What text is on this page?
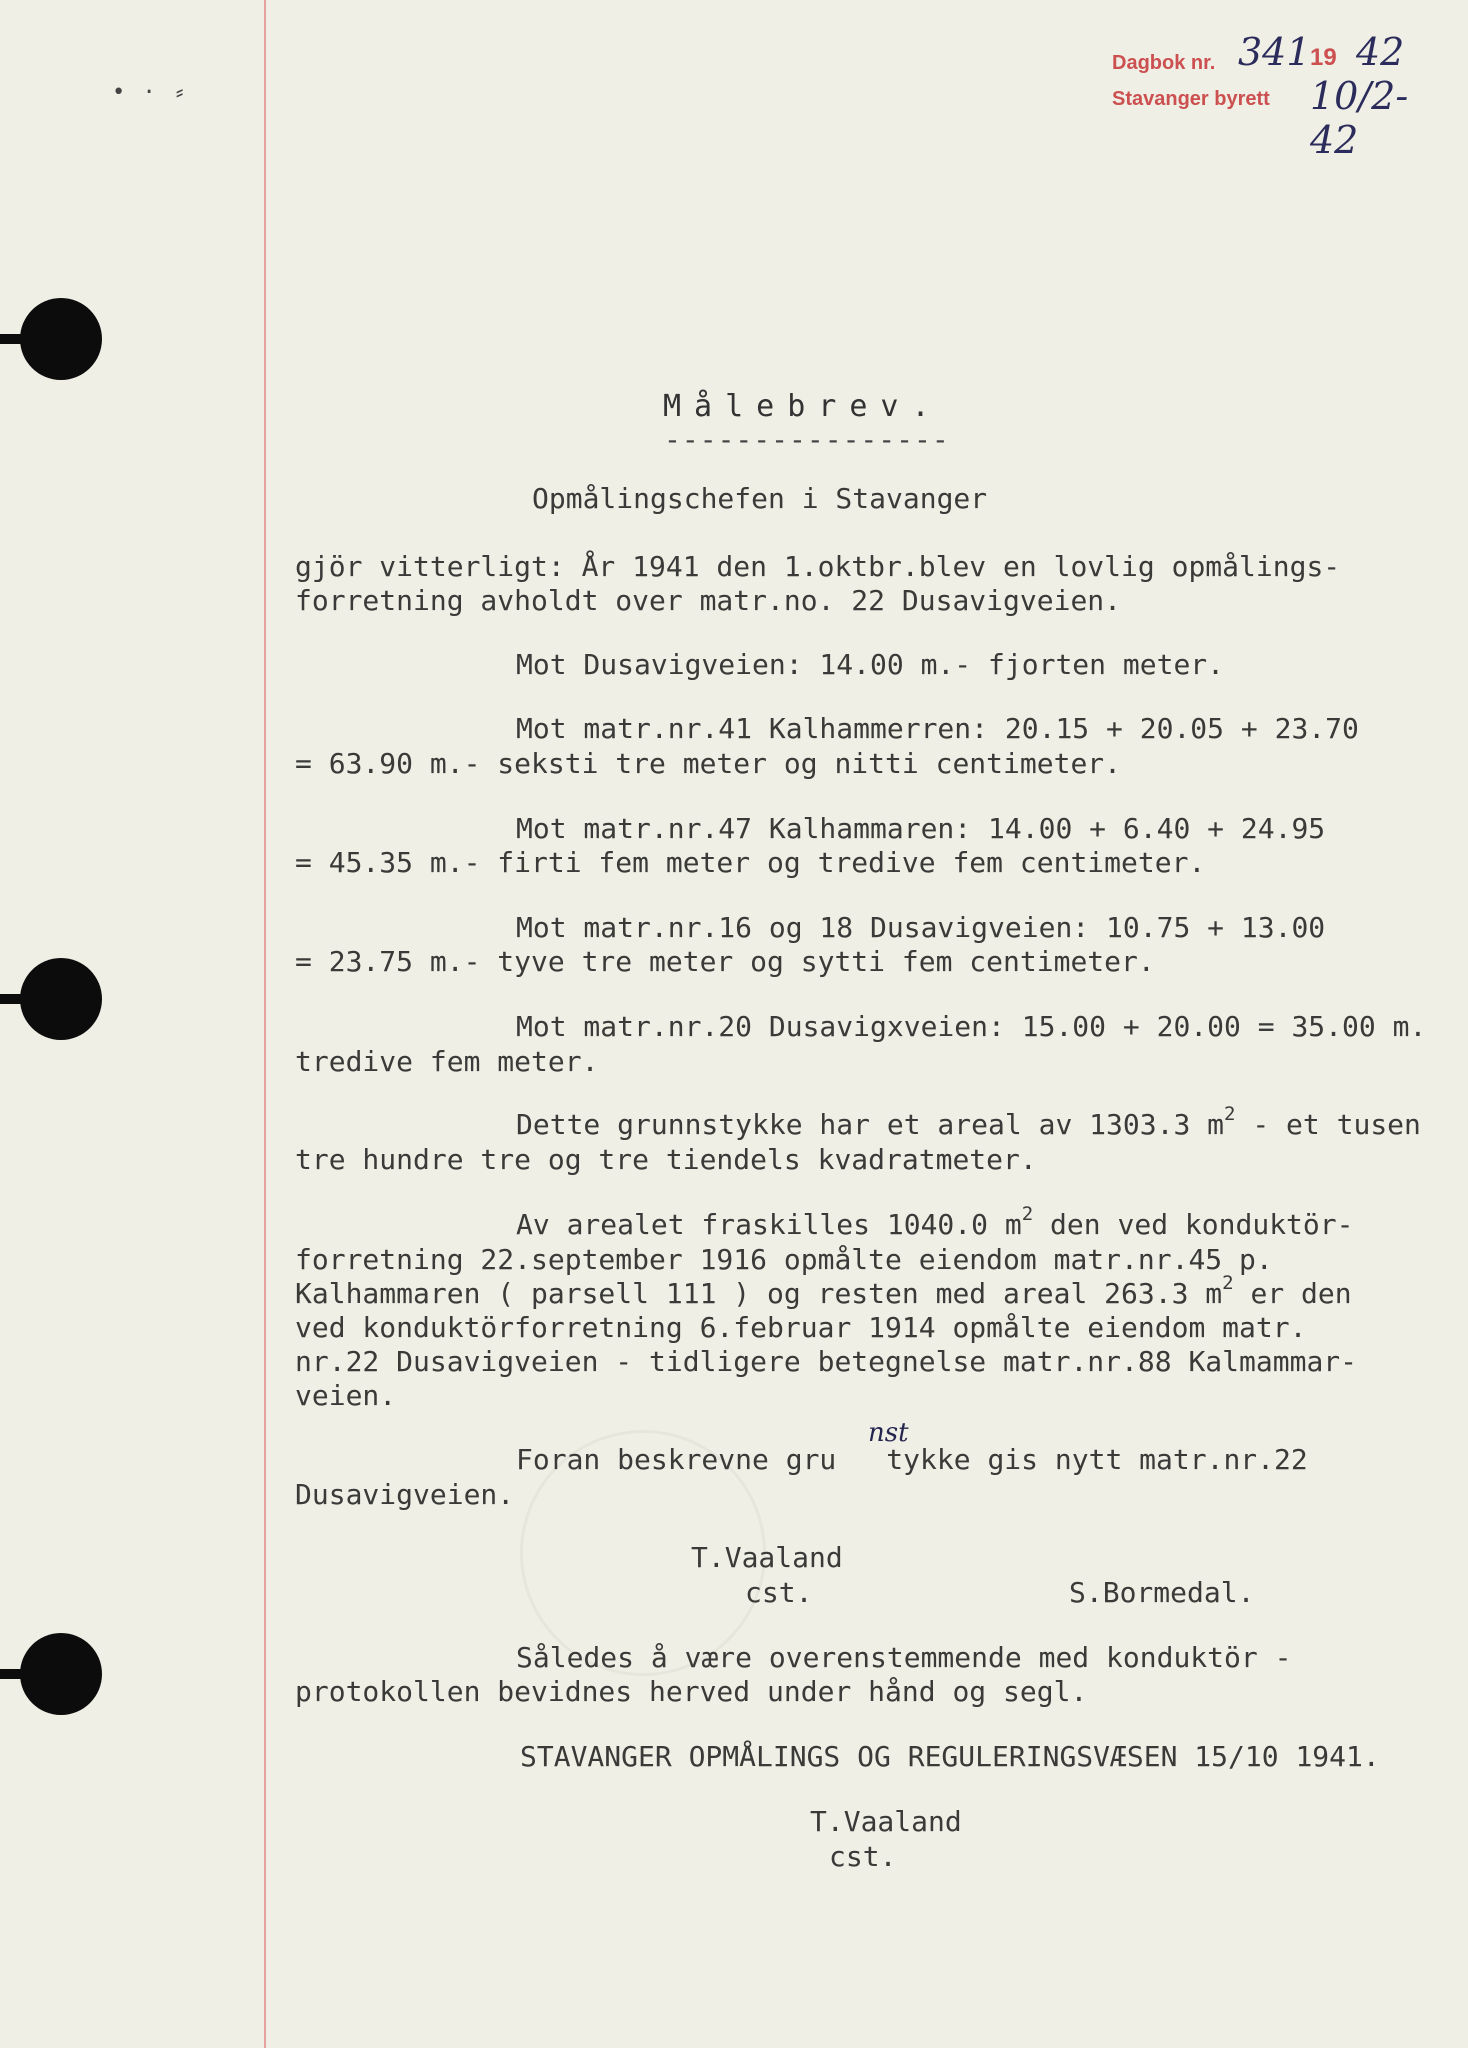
• · ⸗
Dagbok nr.
Stavanger byrett
341 19 42
10/2-42

Målebrev.

----------------

Opmålingschefen i Stavanger

gjör vitterligt: År 1941 den 1.oktbr.blev en lovlig opmålings-

forretning avholdt over matr.no. 22 Dusavigveien.

Mot Dusavigveien: 14.00 m.- fjorten meter.

Mot matr.nr.41 Kalhammerren: 20.15 + 20.05 + 23.70

= 63.90 m.- seksti tre meter og nitti centimeter.

Mot matr.nr.47 Kalhammaren: 14.00 + 6.40 + 24.95

= 45.35 m.- firti fem meter og tredive fem centimeter.

Mot matr.nr.16 og 18 Dusavigveien: 10.75 + 13.00

= 23.75 m.- tyve tre meter og sytti fem centimeter.

Mot matr.nr.20 Dusavigxveien: 15.00 + 20.00 = 35.00 m.

tredive fem meter.

Dette grunnstykke har et areal av 1303.3 $m^2$ - et tusen

tre hundre tre og tre tiendels kvadratmeter.

Av arealet fraskilles 1040.0 $m^2$ den ved konduktör-

forretning 22.september 1916 opmålte eiendom matr.nr.45 p.

Kalhammaren ( parsell 111 ) og resten med areal 263.3 $m^2$ er den

ved konduktörforretning 6.februar 1914 opmålte eiendom matr.

nr.22 Dusavigveien - tidligere betegnelse matr.nr.88 Kalmammar-

veien.

Foran beskrevne gru tykke gis nytt matr.nr.22

nst

Dusavigveien.

T.Vaaland

cst.	S.Bormedal.

Således å være overenstemmende med konduktör -

protokollen bevidnes herved under hånd og segl.

STAVANGER OPMÅLINGS OG REGULERINGSVÆSEN 15/10 1941.

T.Vaaland

cst.
